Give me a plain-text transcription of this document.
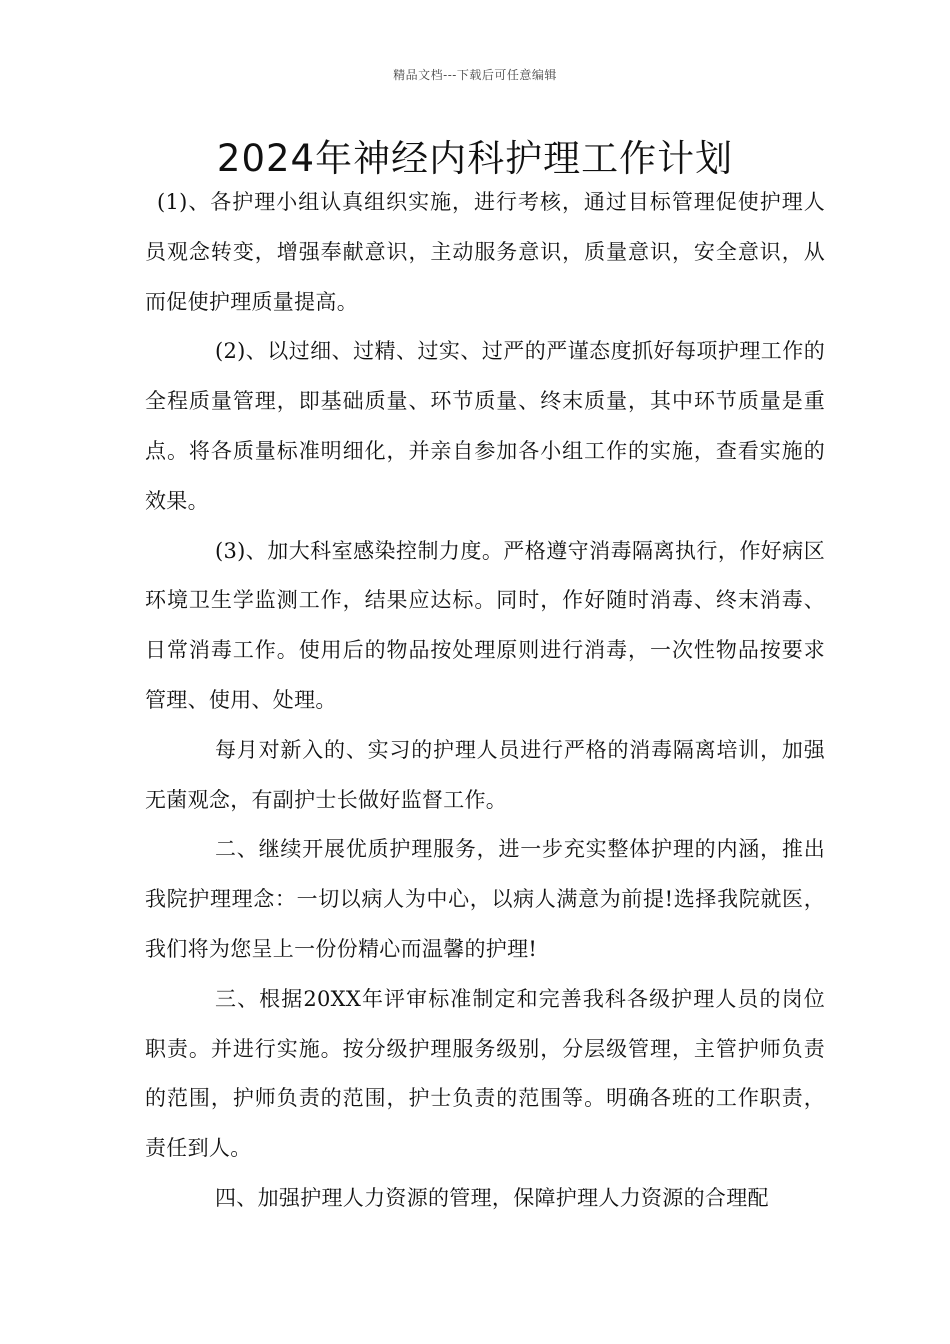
精品文档---下载后可任意编辑
2024年神经内科护理工作计划

(1)、各护理小组认真组织实施，进行考核，通过目标管理促使护理人员观念转变，增强奉献意识，主动服务意识，质量意识，安全意识，从而促使护理质量提高。

(2)、以过细、过精、过实、过严的严谨态度抓好每项护理工作的全程质量管理，即基础质量、环节质量、终末质量，其中环节质量是重点。将各质量标准明细化，并亲自参加各小组工作的实施，查看实施的效果。

(3)、加大科室感染控制力度。严格遵守消毒隔离执行，作好病区环境卫生学监测工作，结果应达标。同时，作好随时消毒、终末消毒、日常消毒工作。使用后的物品按处理原则进行消毒，一次性物品按要求管理、使用、处理。

每月对新入的、实习的护理人员进行严格的消毒隔离培训，加强无菌观念，有副护士长做好监督工作。

二、继续开展优质护理服务，进一步充实整体护理的内涵，推出我院护理理念：一切以病人为中心，以病人满意为前提!选择我院就医，我们将为您呈上一份份精心而温馨的护理!

三、根据20XX年评审标准制定和完善我科各级护理人员的岗位职责。并进行实施。按分级护理服务级别，分层级管理，主管护师负责的范围，护师负责的范围，护士负责的范围等。明确各班的工作职责，责任到人。

四、加强护理人力资源的管理，保障护理人力资源的合理配
